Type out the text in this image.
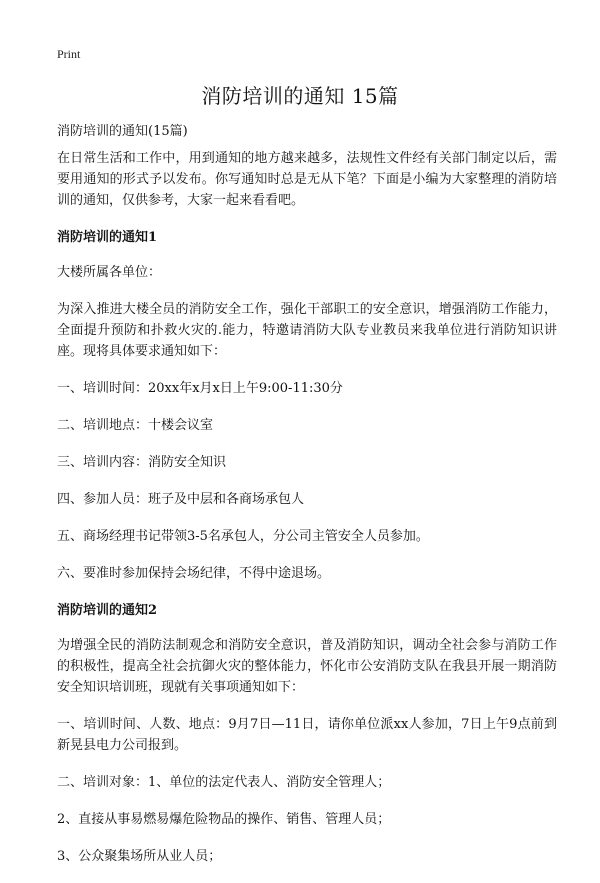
Print
消防培训的通知 15篇

消防培训的通知(15篇)

在日常生活和工作中，用到通知的地方越来越多，法规性文件经有关部门制定以后，需要用通知的形式予以发布。你写通知时总是无从下笔？下面是小编为大家整理的消防培训的通知，仅供参考，大家一起来看看吧。

消防培训的通知1

大楼所属各单位：

为深入推进大楼全员的消防安全工作，强化干部职工的安全意识，增强消防工作能力，全面提升预防和扑救火灾的.能力，特邀请消防大队专业教员来我单位进行消防知识讲座。现将具体要求通知如下：

一、培训时间：20xx年x月x日上午9:00-11:30分

二、培训地点：十楼会议室

三、培训内容：消防安全知识

四、参加人员：班子及中层和各商场承包人

五、商场经理书记带领3-5名承包人，分公司主管安全人员参加。

六、要准时参加保持会场纪律，不得中途退场。

消防培训的通知2

为增强全民的消防法制观念和消防安全意识，普及消防知识，调动全社会参与消防工作的积极性，提高全社会抗御火灾的整体能力，怀化市公安消防支队在我县开展一期消防安全知识培训班，现就有关事项通知如下：

一、培训时间、人数、地点：9月7日—11日，请你单位派xx人参加，7日上午9点前到新晃县电力公司报到。

二、培训对象：1、单位的法定代表人、消防安全管理人；

2、直接从事易燃易爆危险物品的操作、销售、管理人员；

3、公众聚集场所从业人员；
